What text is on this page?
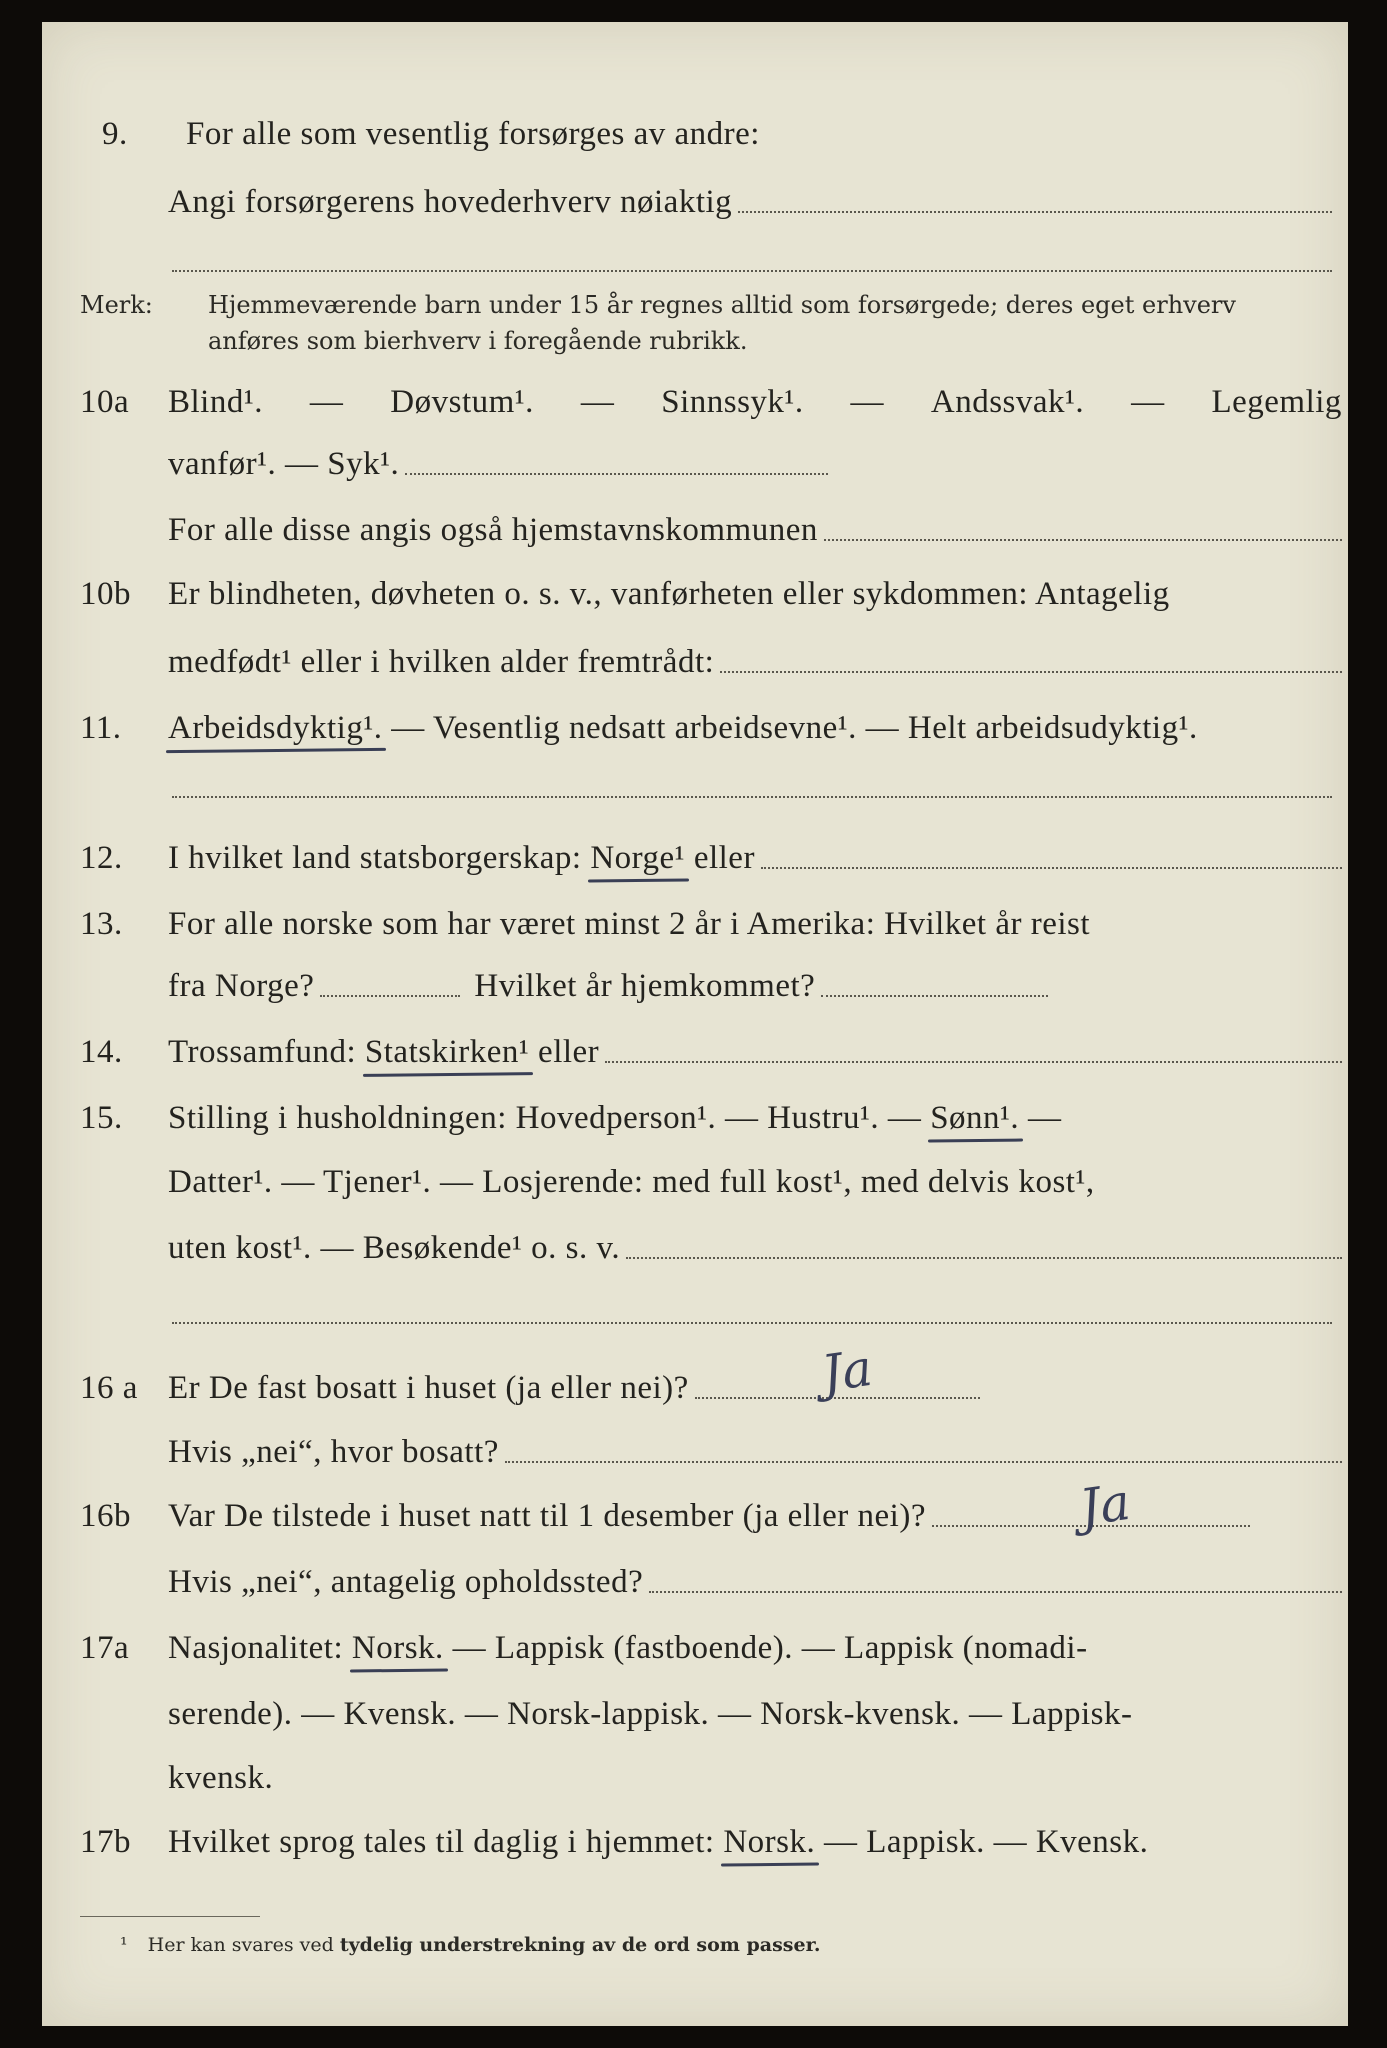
9.	For alle som vesentlig forsørges av andre:
Angi forsørgerens hovederhverv nøiaktig
Merk: Hjemmeværende barn under 15 år regnes alltid som forsørgede; deres eget erhverv
anføres som bierhverv i foregående rubrikk.
10a	Blind¹. — Døvstum¹. — Sinnssyk¹. — Andssvak¹. — Legemlig
vanfør¹. — Syk¹.
For alle disse angis også hjemstavnskommunen
10b	Er blindheten, døvheten o. s. v., vanførheten eller sykdommen: Antagelig
medfødt¹ eller i hvilken alder fremtrådt:
11.	Arbeidsdyktig¹. — Vesentlig nedsatt arbeidsevne¹. — Helt arbeidsudyktig¹.
12.	I hvilket land statsborgerskap: Norge¹ eller
13.	For alle norske som har været minst 2 år i Amerika: Hvilket år reist
fra Norge?	Hvilket år hjemkommet?
14.	Trossamfund: Statskirken¹ eller
15.	Stilling i husholdningen: Hovedperson¹. — Hustru¹. — Sønn¹. —
Datter¹. — Tjener¹. — Losjerende: med full kost¹, med delvis kost¹,
uten kost¹. — Besøkende¹ o. s. v.
16 a Er De fast bosatt i huset (ja eller nei)?	Ja
Hvis „nei“, hvor bosatt?
16b	Var De tilstede i huset natt til 1 desember (ja eller nei)?	Ja
Hvis „nei“, antagelig opholdssted?
17a	Nasjonalitet: Norsk. — Lappisk (fastboende). — Lappisk (nomadi-
serende). — Kvensk. — Norsk-lappisk. — Norsk-kvensk. — Lappisk-
kvensk.
17b	Hvilket sprog tales til daglig i hjemmet: Norsk. — Lappisk. — Kvensk.
¹ Her kan svares ved tydelig understrekning av de ord som passer.
